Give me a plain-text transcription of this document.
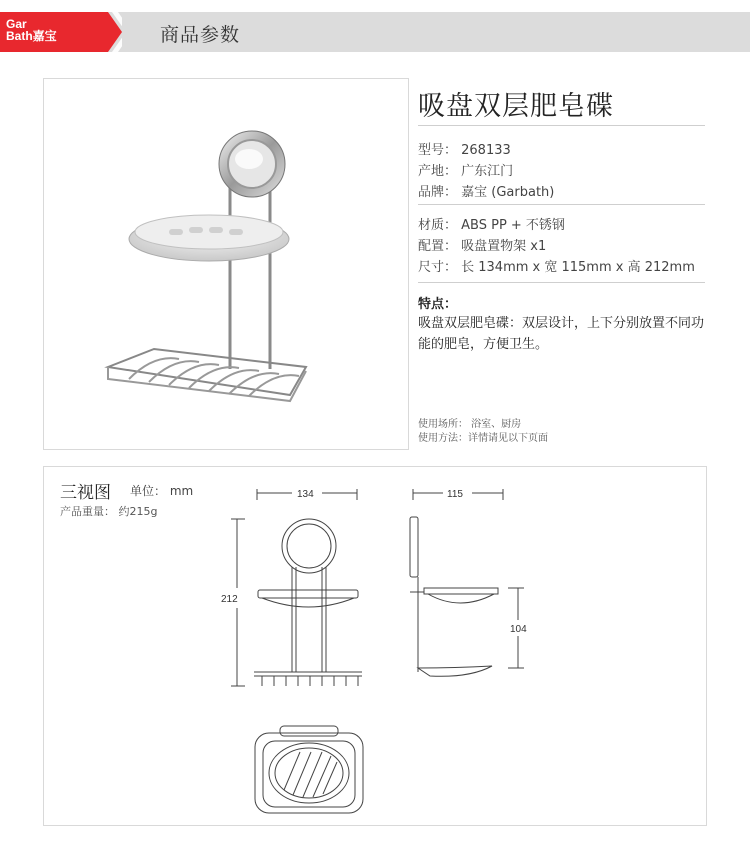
Gar
Bath嘉宝	商品参数
吸盘双层肥皂碟
型号： 268133
产地： 广东江门
品牌： 嘉宝 (Garbath)
材质： ABS PP + 不锈钢
配置： 吸盘置物架 x1
尺寸： 长 134mm x 宽 115mm x 高 212mm
特点：
吸盘双层肥皂碟：双层设计，上下分别放置不同功能的肥皂，方便卫生。
使用场所： 浴室、厨房
使用方法：详情请见以下页面
三视图 单位： mm
产品重量： 约215g
134	115
212
104
